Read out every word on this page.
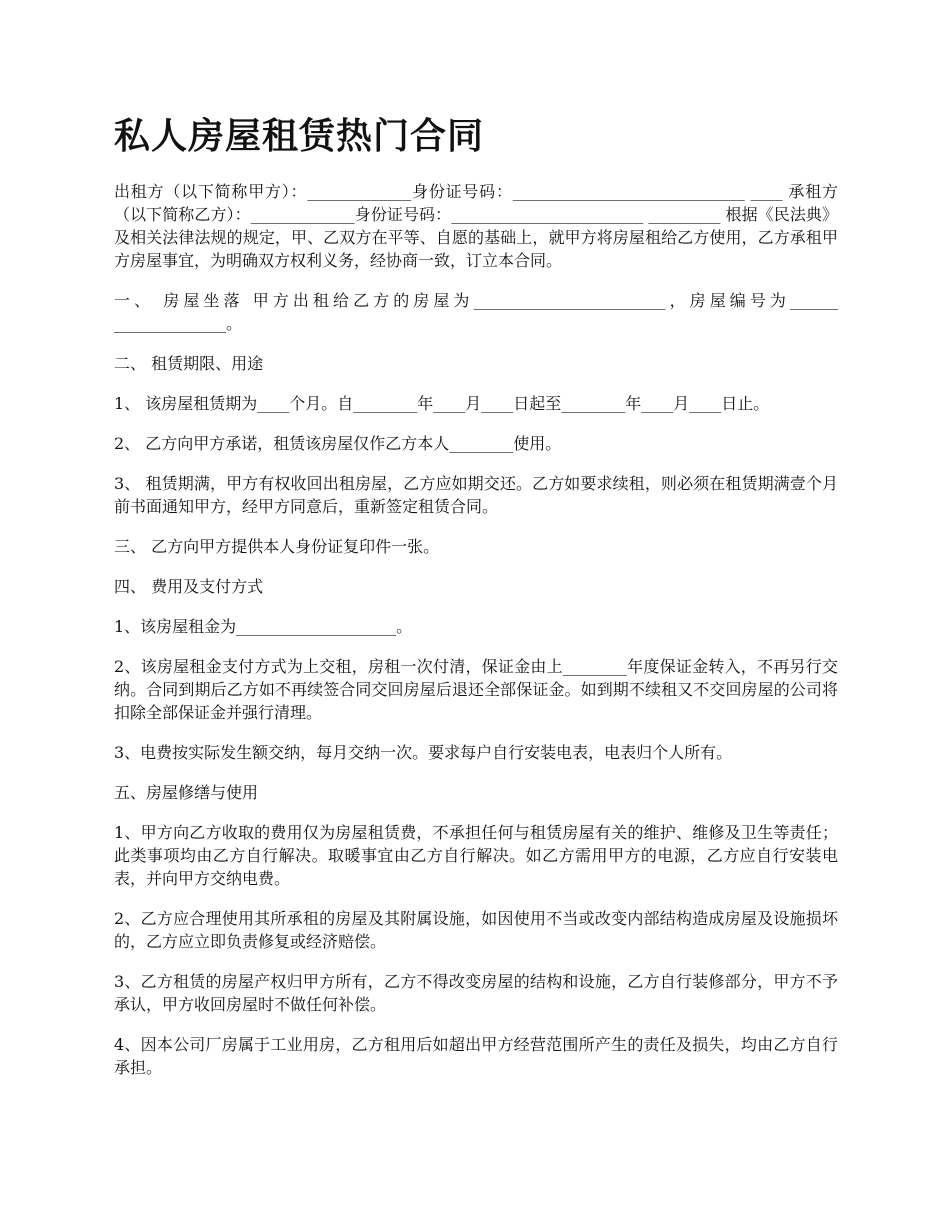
私人房屋租赁热门合同

出租方（以下简称甲方）：_____________身份证号码：_____________________________ ____ 承租方（以下简称乙方）：_____________身份证号码：________________________ _________ 根据《民法典》及相关法律法规的规定，甲、乙双方在平等、自愿的基础上，就甲方将房屋租给乙方使用，乙方承租甲方房屋事宜，为明确双方权利义务，经协商一致，订立本合同。

一、 房屋坐落 甲方出租给乙方的房屋为________________________，房屋编号为______ ______________。

二、 租赁期限、用途

1、 该房屋租赁期为____个月。自________年____月____日起至________年____月____日止。

2、 乙方向甲方承诺，租赁该房屋仅作乙方本人________使用。

3、 租赁期满，甲方有权收回出租房屋，乙方应如期交还。乙方如要求续租，则必须在租赁期满壹个月前书面通知甲方，经甲方同意后，重新签定租赁合同。

三、 乙方向甲方提供本人身份证复印件一张。

四、 费用及支付方式

1、该房屋租金为____________________。

2、该房屋租金支付方式为上交租，房租一次付清，保证金由上________年度保证金转入，不再另行交纳。合同到期后乙方如不再续签合同交回房屋后退还全部保证金。如到期不续租又不交回房屋的公司将扣除全部保证金并强行清理。

3、电费按实际发生额交纳，每月交纳一次。要求每户自行安装电表，电表归个人所有。

五、房屋修缮与使用

1、甲方向乙方收取的费用仅为房屋租赁费，不承担任何与租赁房屋有关的维护、维修及卫生等责任；此类事项均由乙方自行解决。取暖事宜由乙方自行解决。如乙方需用甲方的电源，乙方应自行安装电表，并向甲方交纳电费。

2、乙方应合理使用其所承租的房屋及其附属设施，如因使用不当或改变内部结构造成房屋及设施损坏的，乙方应立即负责修复或经济赔偿。

3、乙方租赁的房屋产权归甲方所有，乙方不得改变房屋的结构和设施，乙方自行装修部分，甲方不予承认，甲方收回房屋时不做任何补偿。

4、因本公司厂房属于工业用房，乙方租用后如超出甲方经营范围所产生的责任及损失，均由乙方自行承担。
